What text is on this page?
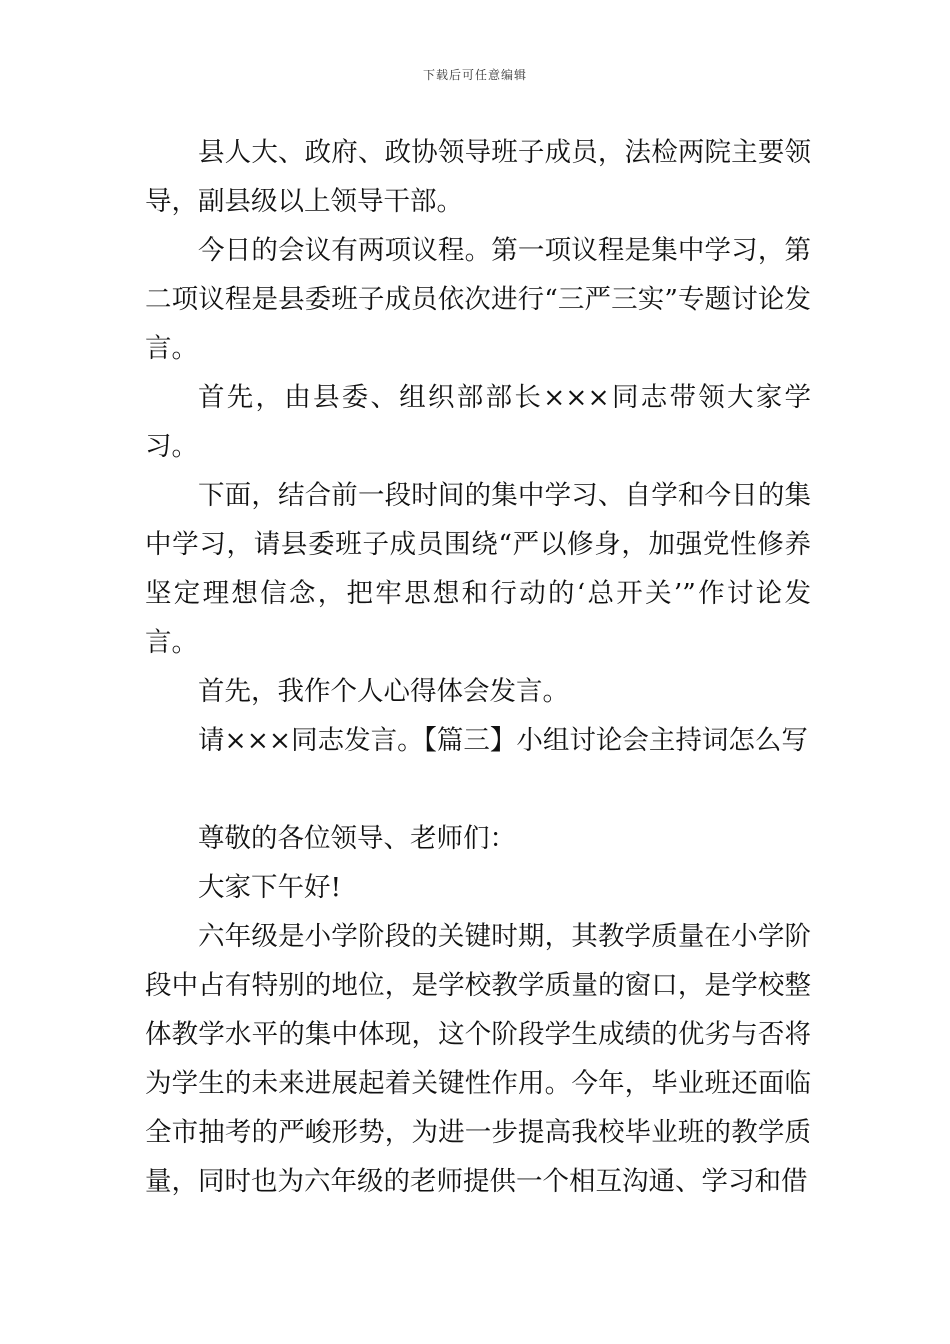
下载后可任意编辑

县人大、政府、政协领导班子成员，法检两院主要领导，副县级以上领导干部。

今日的会议有两项议程。第一项议程是集中学习，第二项议程是县委班子成员依次进行“三严三实”专题讨论发言。

首先，由县委、组织部部长×××同志带领大家学习。

下面，结合前一段时间的集中学习、自学和今日的集中学习，请县委班子成员围绕“严以修身，加强党性修养坚定理想信念，把牢思想和行动的‘总开关’”作讨论发言。

首先，我作个人心得体会发言。

请×××同志发言。【篇三】小组讨论会主持词怎么写

尊敬的各位领导、老师们：

大家下午好!

六年级是小学阶段的关键时期，其教学质量在小学阶段中占有特别的地位，是学校教学质量的窗口，是学校整体教学水平的集中体现，这个阶段学生成绩的优劣与否将为学生的未来进展起着关键性作用。今年，毕业班还面临全市抽考的严峻形势，为进一步提高我校毕业班的教学质量，同时也为六年级的老师提供一个相互沟通、学习和借
